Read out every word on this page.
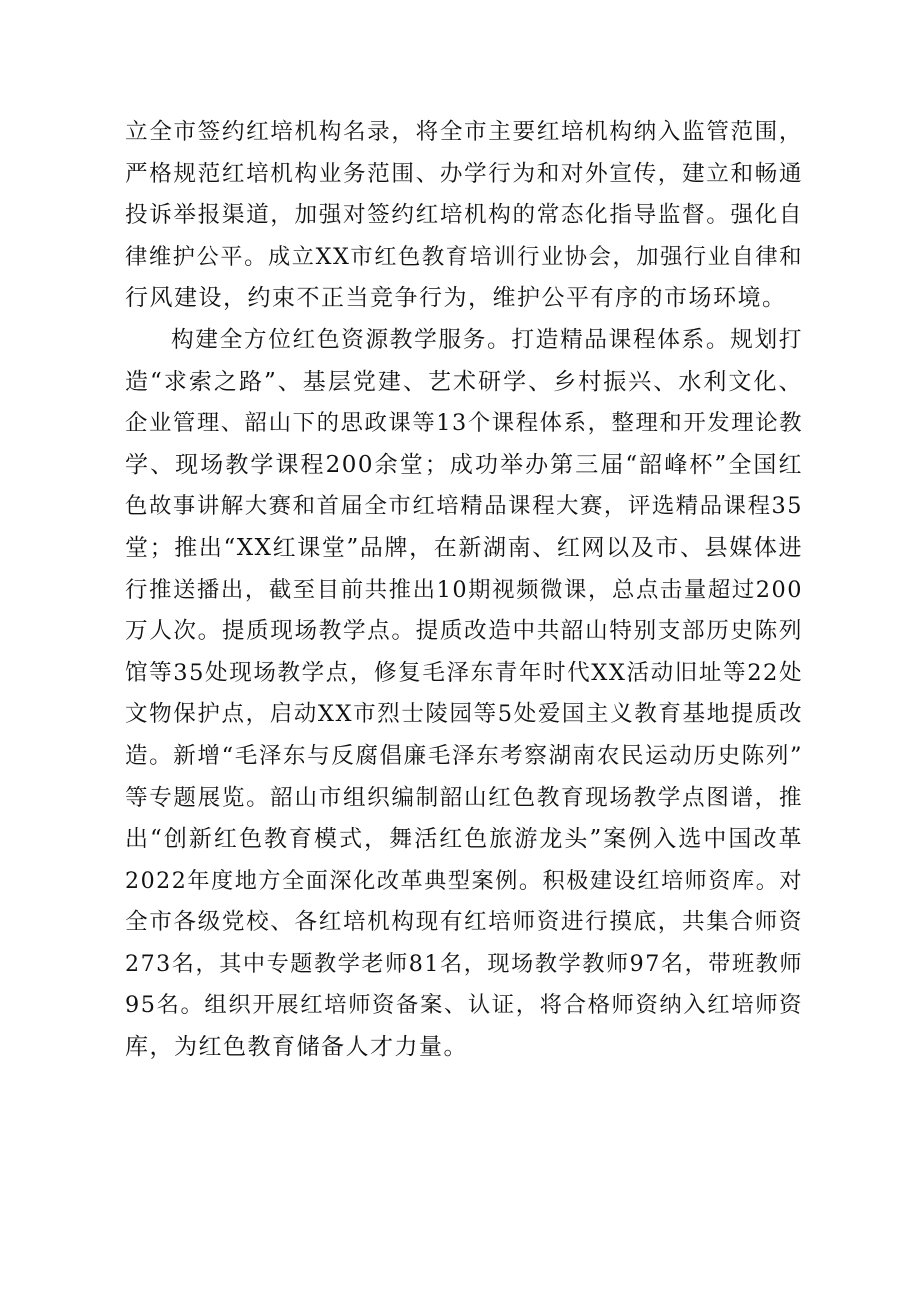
立全市签约红培机构名录，将全市主要红培机构纳入监管范围，
严格规范红培机构业务范围、办学行为和对外宣传，建立和畅通
投诉举报渠道，加强对签约红培机构的常态化指导监督。强化自
律维护公平。成立XX市红色教育培训行业协会，加强行业自律和
行风建设，约束不正当竞争行为，维护公平有序的市场环境。

构建全方位红色资源教学服务。打造精品课程体系。规划打
造“求索之路”、基层党建、艺术研学、乡村振兴、水利文化、
企业管理、韶山下的思政课等13个课程体系，整理和开发理论教
学、现场教学课程200余堂；成功举办第三届“韶峰杯”全国红
色故事讲解大赛和首届全市红培精品课程大赛，评选精品课程35
堂；推出“XX红课堂”品牌，在新湖南、红网以及市、县媒体进
行推送播出，截至目前共推出10期视频微课，总点击量超过200
万人次。提质现场教学点。提质改造中共韶山特别支部历史陈列
馆等35处现场教学点，修复毛泽东青年时代XX活动旧址等22处
文物保护点，启动XX市烈士陵园等5处爱国主义教育基地提质改
造。新增“毛泽东与反腐倡廉毛泽东考察湖南农民运动历史陈列”
等专题展览。韶山市组织编制韶山红色教育现场教学点图谱，推
出“创新红色教育模式，舞活红色旅游龙头”案例入选中国改革
2022年度地方全面深化改革典型案例。积极建设红培师资库。对
全市各级党校、各红培机构现有红培师资进行摸底，共集合师资
273名，其中专题教学老师81名，现场教学教师97名，带班教师
95名。组织开展红培师资备案、认证，将合格师资纳入红培师资
库，为红色教育储备人才力量。
